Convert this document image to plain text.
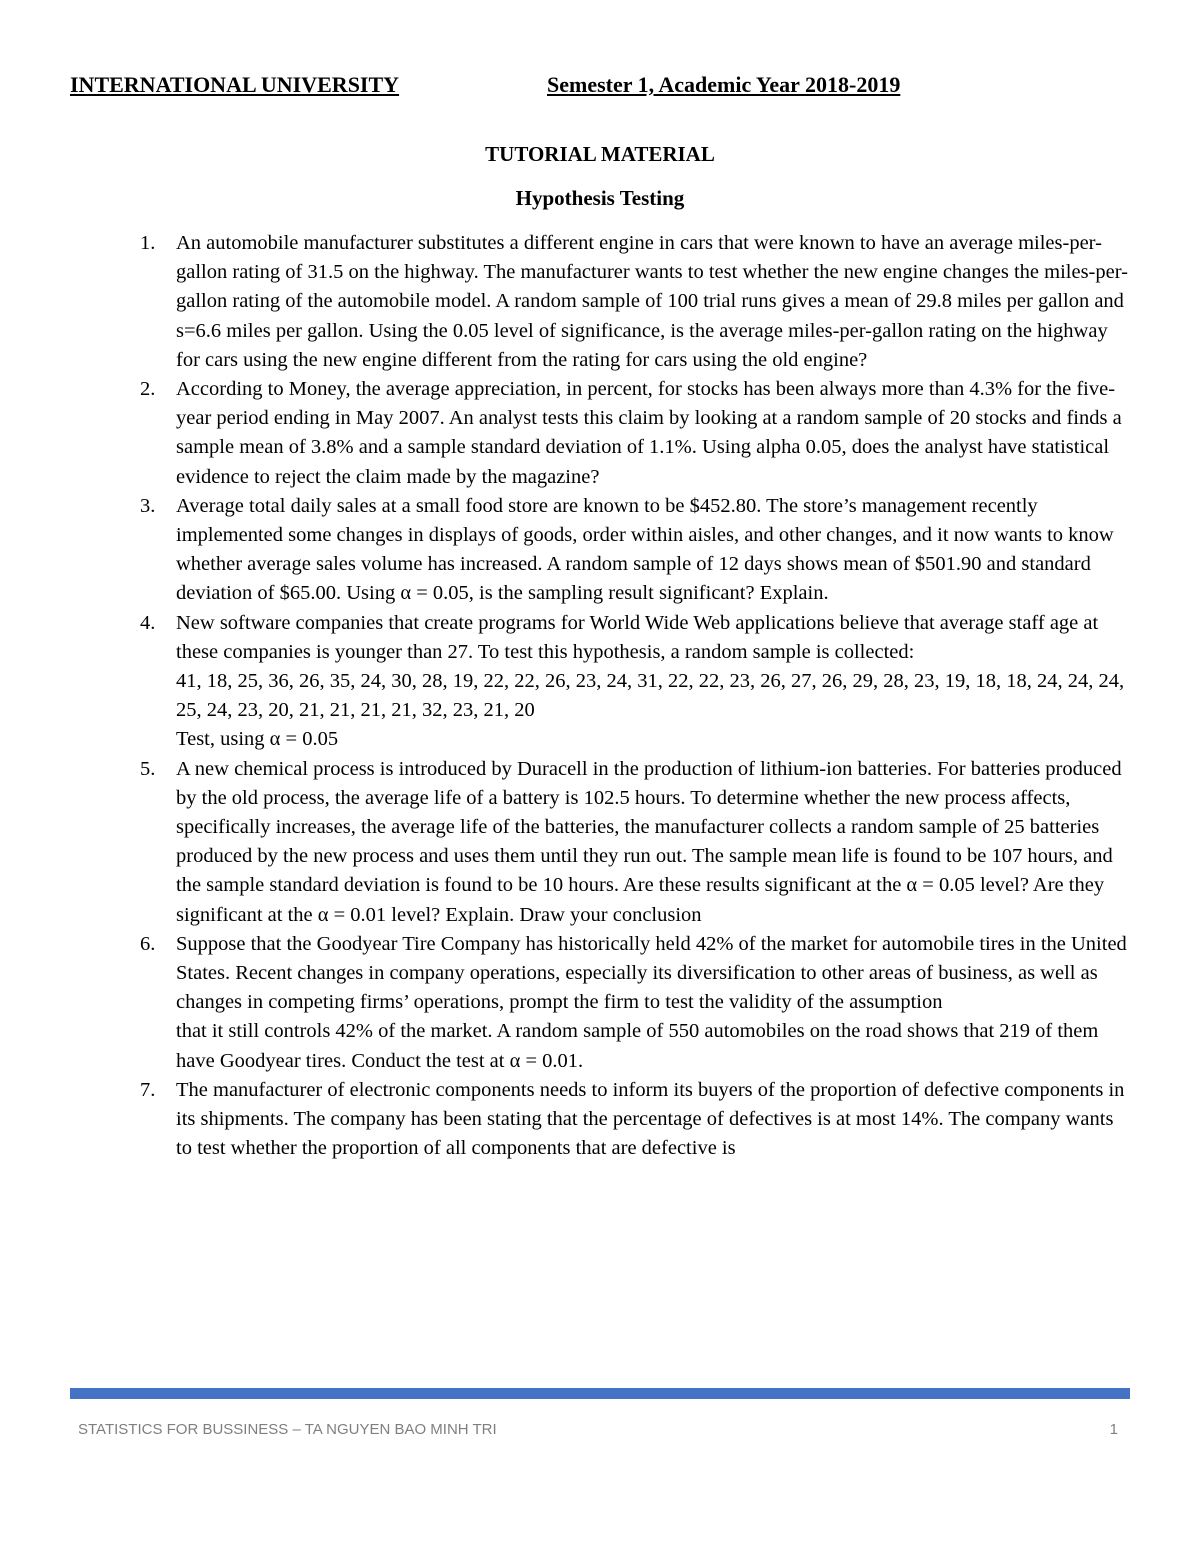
INTERNATIONAL UNIVERSITY	Semester 1, Academic Year 2018-2019
TUTORIAL MATERIAL
Hypothesis Testing
1. An automobile manufacturer substitutes a different engine in cars that were known to have an average miles-per-gallon rating of 31.5 on the highway. The manufacturer wants to test whether the new engine changes the miles-per-gallon rating of the automobile model. A random sample of 100 trial runs gives a mean of 29.8 miles per gallon and s=6.6 miles per gallon. Using the 0.05 level of significance, is the average miles-per-gallon rating on the highway for cars using the new engine different from the rating for cars using the old engine?
2. According to Money, the average appreciation, in percent, for stocks has been always more than 4.3% for the five-year period ending in May 2007. An analyst tests this claim by looking at a random sample of 20 stocks and finds a sample mean of 3.8% and a sample standard deviation of 1.1%. Using alpha 0.05, does the analyst have statistical evidence to reject the claim made by the magazine?
3. Average total daily sales at a small food store are known to be $452.80. The store’s management recently implemented some changes in displays of goods, order within aisles, and other changes, and it now wants to know whether average sales volume has increased. A random sample of 12 days shows mean of $501.90 and standard deviation of $65.00. Using α = 0.05, is the sampling result significant? Explain.
4. New software companies that create programs for World Wide Web applications believe that average staff age at these companies is younger than 27. To test this hypothesis, a random sample is collected:
41, 18, 25, 36, 26, 35, 24, 30, 28, 19, 22, 22, 26, 23, 24, 31, 22, 22, 23, 26, 27, 26, 29, 28, 23, 19, 18, 18, 24, 24, 24, 25, 24, 23, 20, 21, 21, 21, 21, 32, 23, 21, 20
Test, using α = 0.05
5. A new chemical process is introduced by Duracell in the production of lithium-ion batteries. For batteries produced by the old process, the average life of a battery is 102.5 hours. To determine whether the new process affects, specifically increases, the average life of the batteries, the manufacturer collects a random sample of 25 batteries produced by the new process and uses them until they run out. The sample mean life is found to be 107 hours, and the sample standard deviation is found to be 10 hours. Are these results significant at the α = 0.05 level? Are they significant at the α = 0.01 level? Explain. Draw your conclusion
6. Suppose that the Goodyear Tire Company has historically held 42% of the market for automobile tires in the United States. Recent changes in company operations, especially its diversification to other areas of business, as well as changes in competing firms’ operations, prompt the firm to test the validity of the assumption
that it still controls 42% of the market. A random sample of 550 automobiles on the road shows that 219 of them have Goodyear tires. Conduct the test at α = 0.01.
7. The manufacturer of electronic components needs to inform its buyers of the proportion of defective components in its shipments. The company has been stating that the percentage of defectives is at most 14%. The company wants to test whether the proportion of all components that are defective is
STATISTICS FOR BUSSINESS – TA NGUYEN BAO MINH TRI	1
